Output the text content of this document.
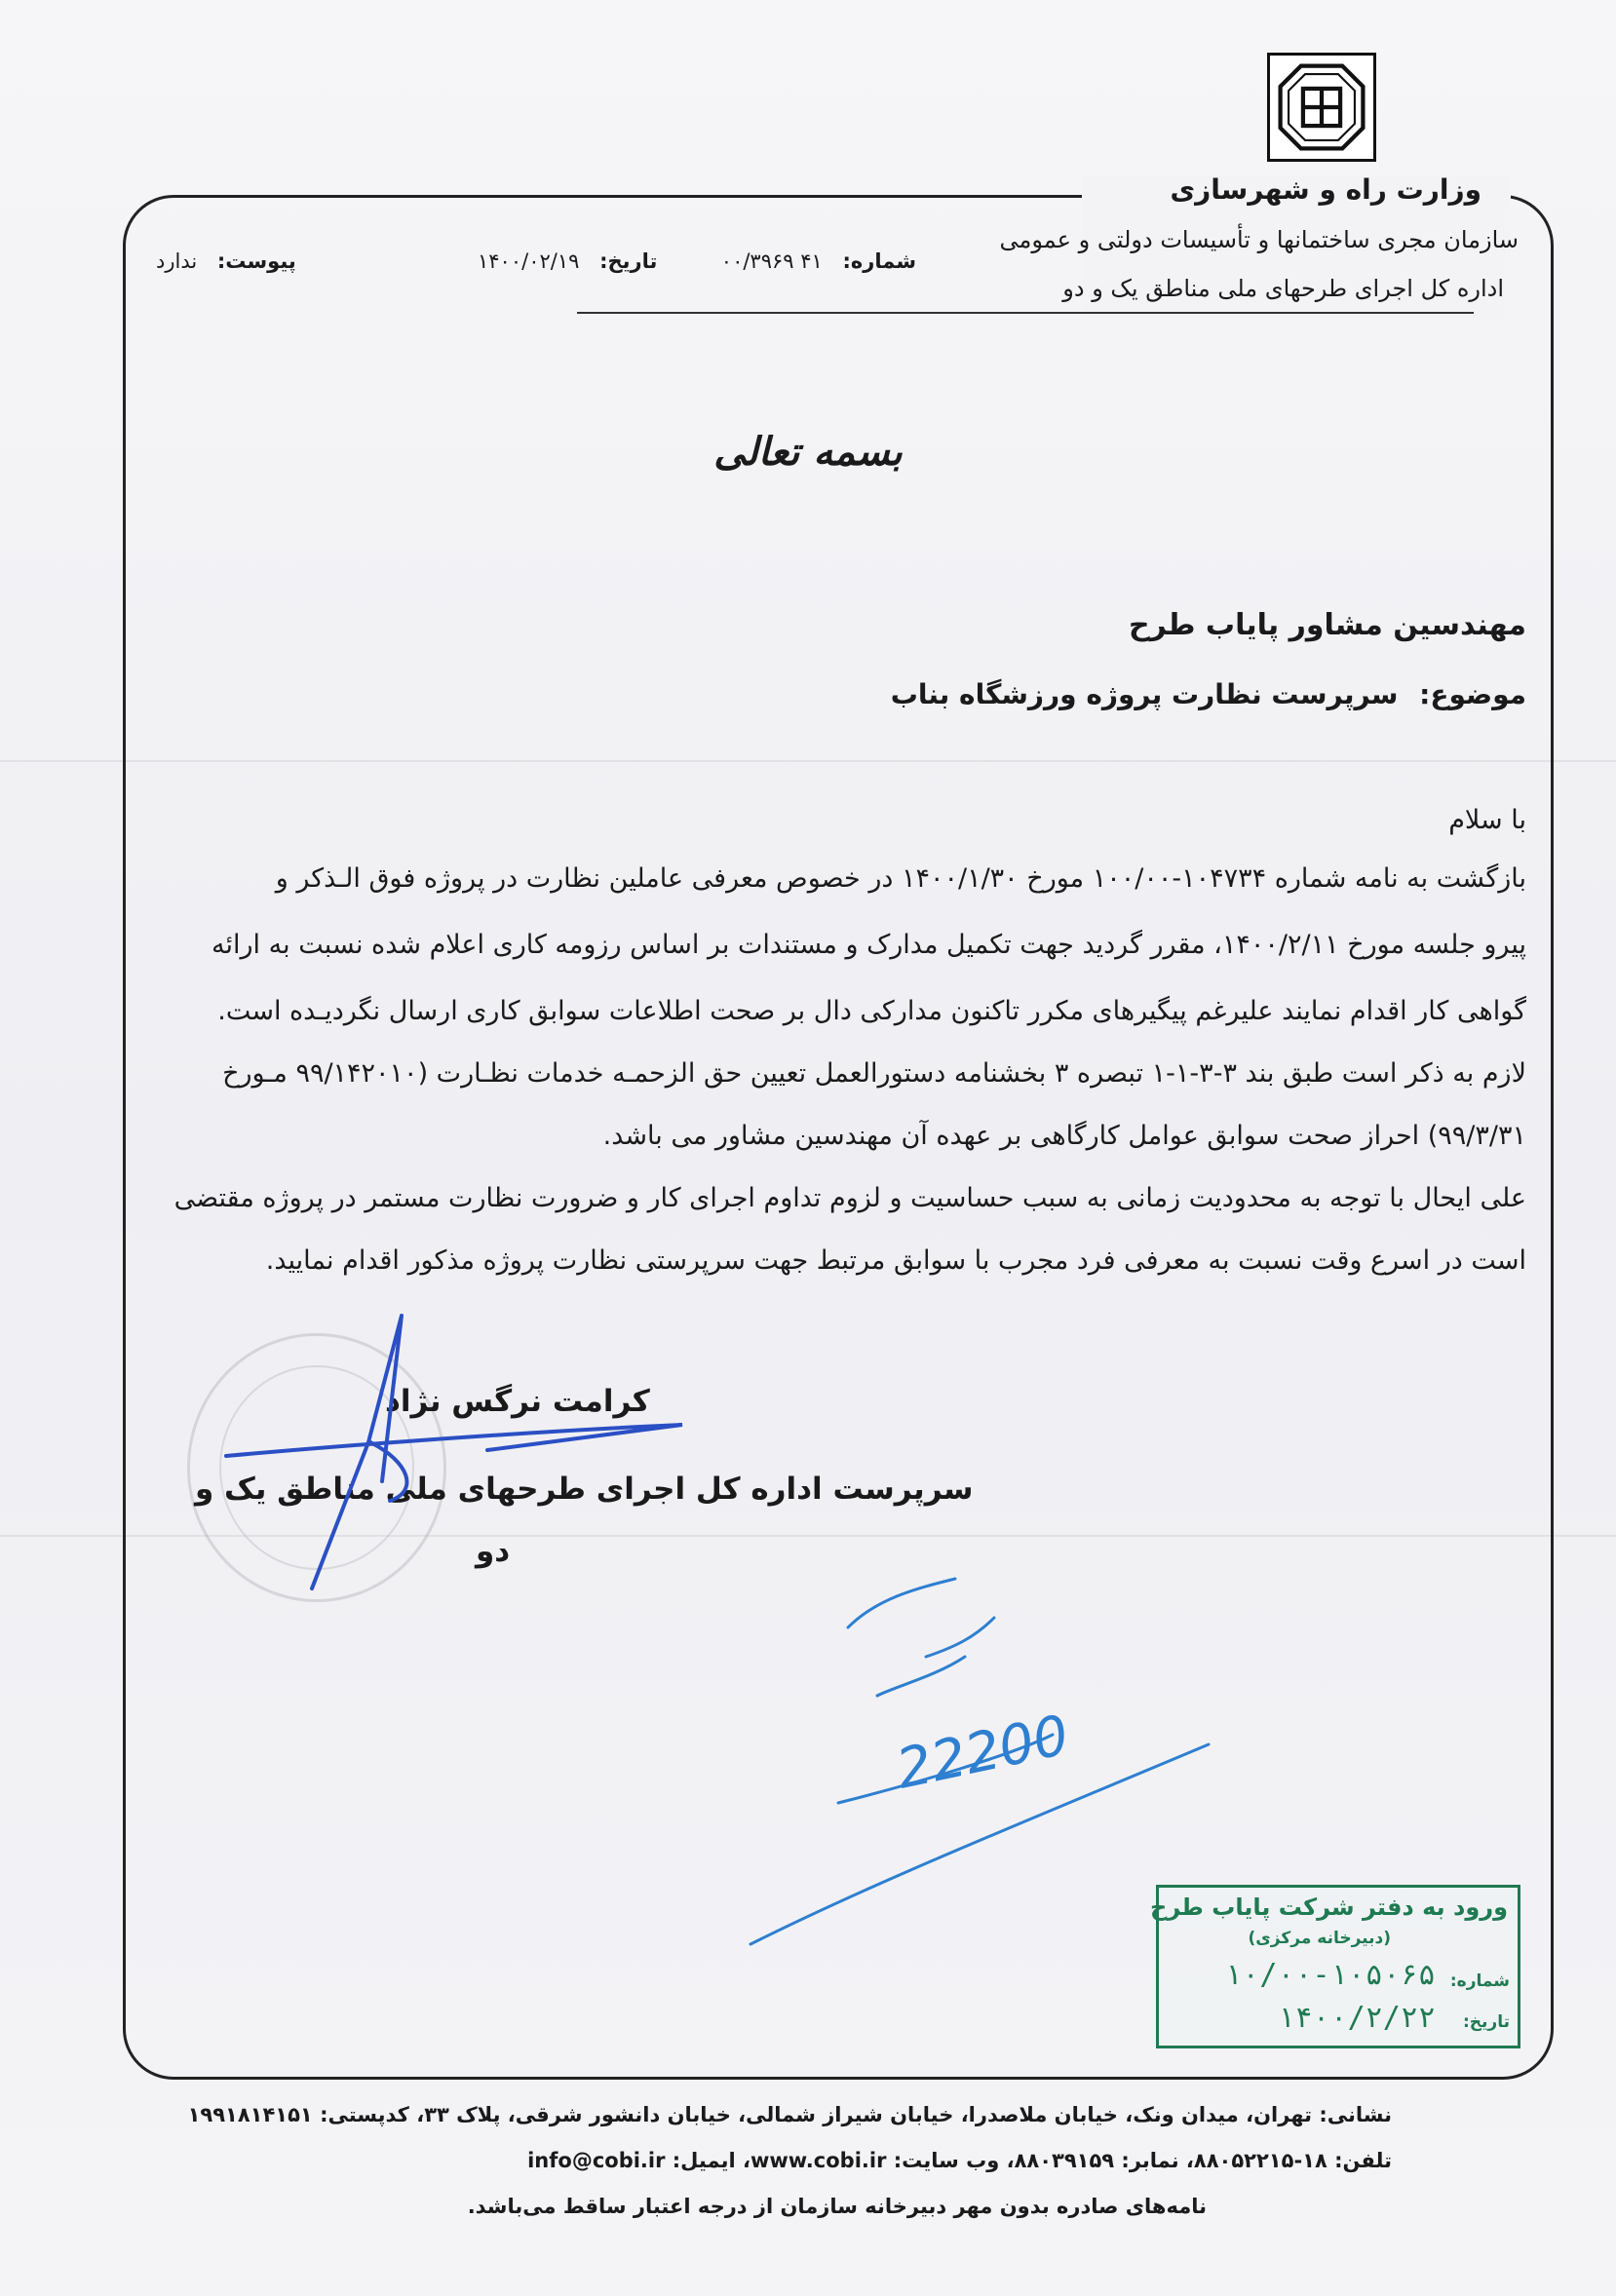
وزارت راه و شهرسازی
سازمان مجری ساختمانها و تأسیسات دولتی و عمومی
اداره کل اجرای طرحهای ملی مناطق یک و دو
شماره: ۴۱ ۰۰/۳۹۶۹
تاریخ: ۱۴۰۰/۰۲/۱۹
پیوست: ندارد
بسمه تعالی
مهندسین مشاور پایاب طرح
موضوع: سرپرست نظارت پروژه ورزشگاه بناب
با سلام
بازگشت به نامه شماره ۱۰۴۷۳۴-۱۰۰/۰۰ مورخ ۱۴۰۰/۱/۳۰ در خصوص معرفی عاملین نظارت در پروژه فوق الـذکر و
پیرو جلسه مورخ ۱۴۰۰/۲/۱۱، مقرر گردید جهت تکمیل مدارک و مستندات بر اساس رزومه کاری اعلام شده نسبت به ارائه
گواهی کار اقدام نمایند علیرغم پیگیرهای مکرر تاکنون مدارکی دال بر صحت اطلاعات سوابق کاری ارسال نگردیـده است.
لازم به ذکر است طبق بند ۳-۳-۱-۱ تبصره ۳ بخشنامه دستورالعمل تعیین حق الزحمـه خدمات نظـارت (۹۹/۱۴۲۰۱۰ مـورخ
۹۹/۳/۳۱) احراز صحت سوابق عوامل کارگاهی بر عهده آن مهندسین مشاور می باشد.
علی ایحال با توجه به محدودیت زمانی به سبب حساسیت و لزوم تداوم اجرای کار و ضرورت نظارت مستمر در پروژه مقتضی
است در اسرع وقت نسبت به معرفی فرد مجرب با سوابق مرتبط جهت سرپرستی نظارت پروژه مذکور اقدام نمایید.
کرامت نرگس نژاد
سرپرست اداره کل اجرای طرحهای ملی مناطق یک و
دو
22200
ورود به دفتر شرکت پایاب طرح
(دبیرخانه مرکزی)
شماره:
۱۰/۰۰-۱۰۵۰۶۵
تاریخ:
۱۴۰۰/۲/۲۲
نشانی: تهران، میدان ونک، خیابان ملاصدرا، خیابان شیراز شمالی، خیابان دانشور شرقی، پلاک ۳۳، کدپستی: ۱۹۹۱۸۱۴۱۵۱
تلفن: ۱۸-۸۸۰۵۲۲۱۵، نمابر: ۸۸۰۳۹۱۵۹، وب سایت: www.cobi.ir، ایمیل: info@cobi.ir
نامه‌های صادره بدون مهر دبیرخانه سازمان از درجه اعتبار ساقط می‌باشد.
